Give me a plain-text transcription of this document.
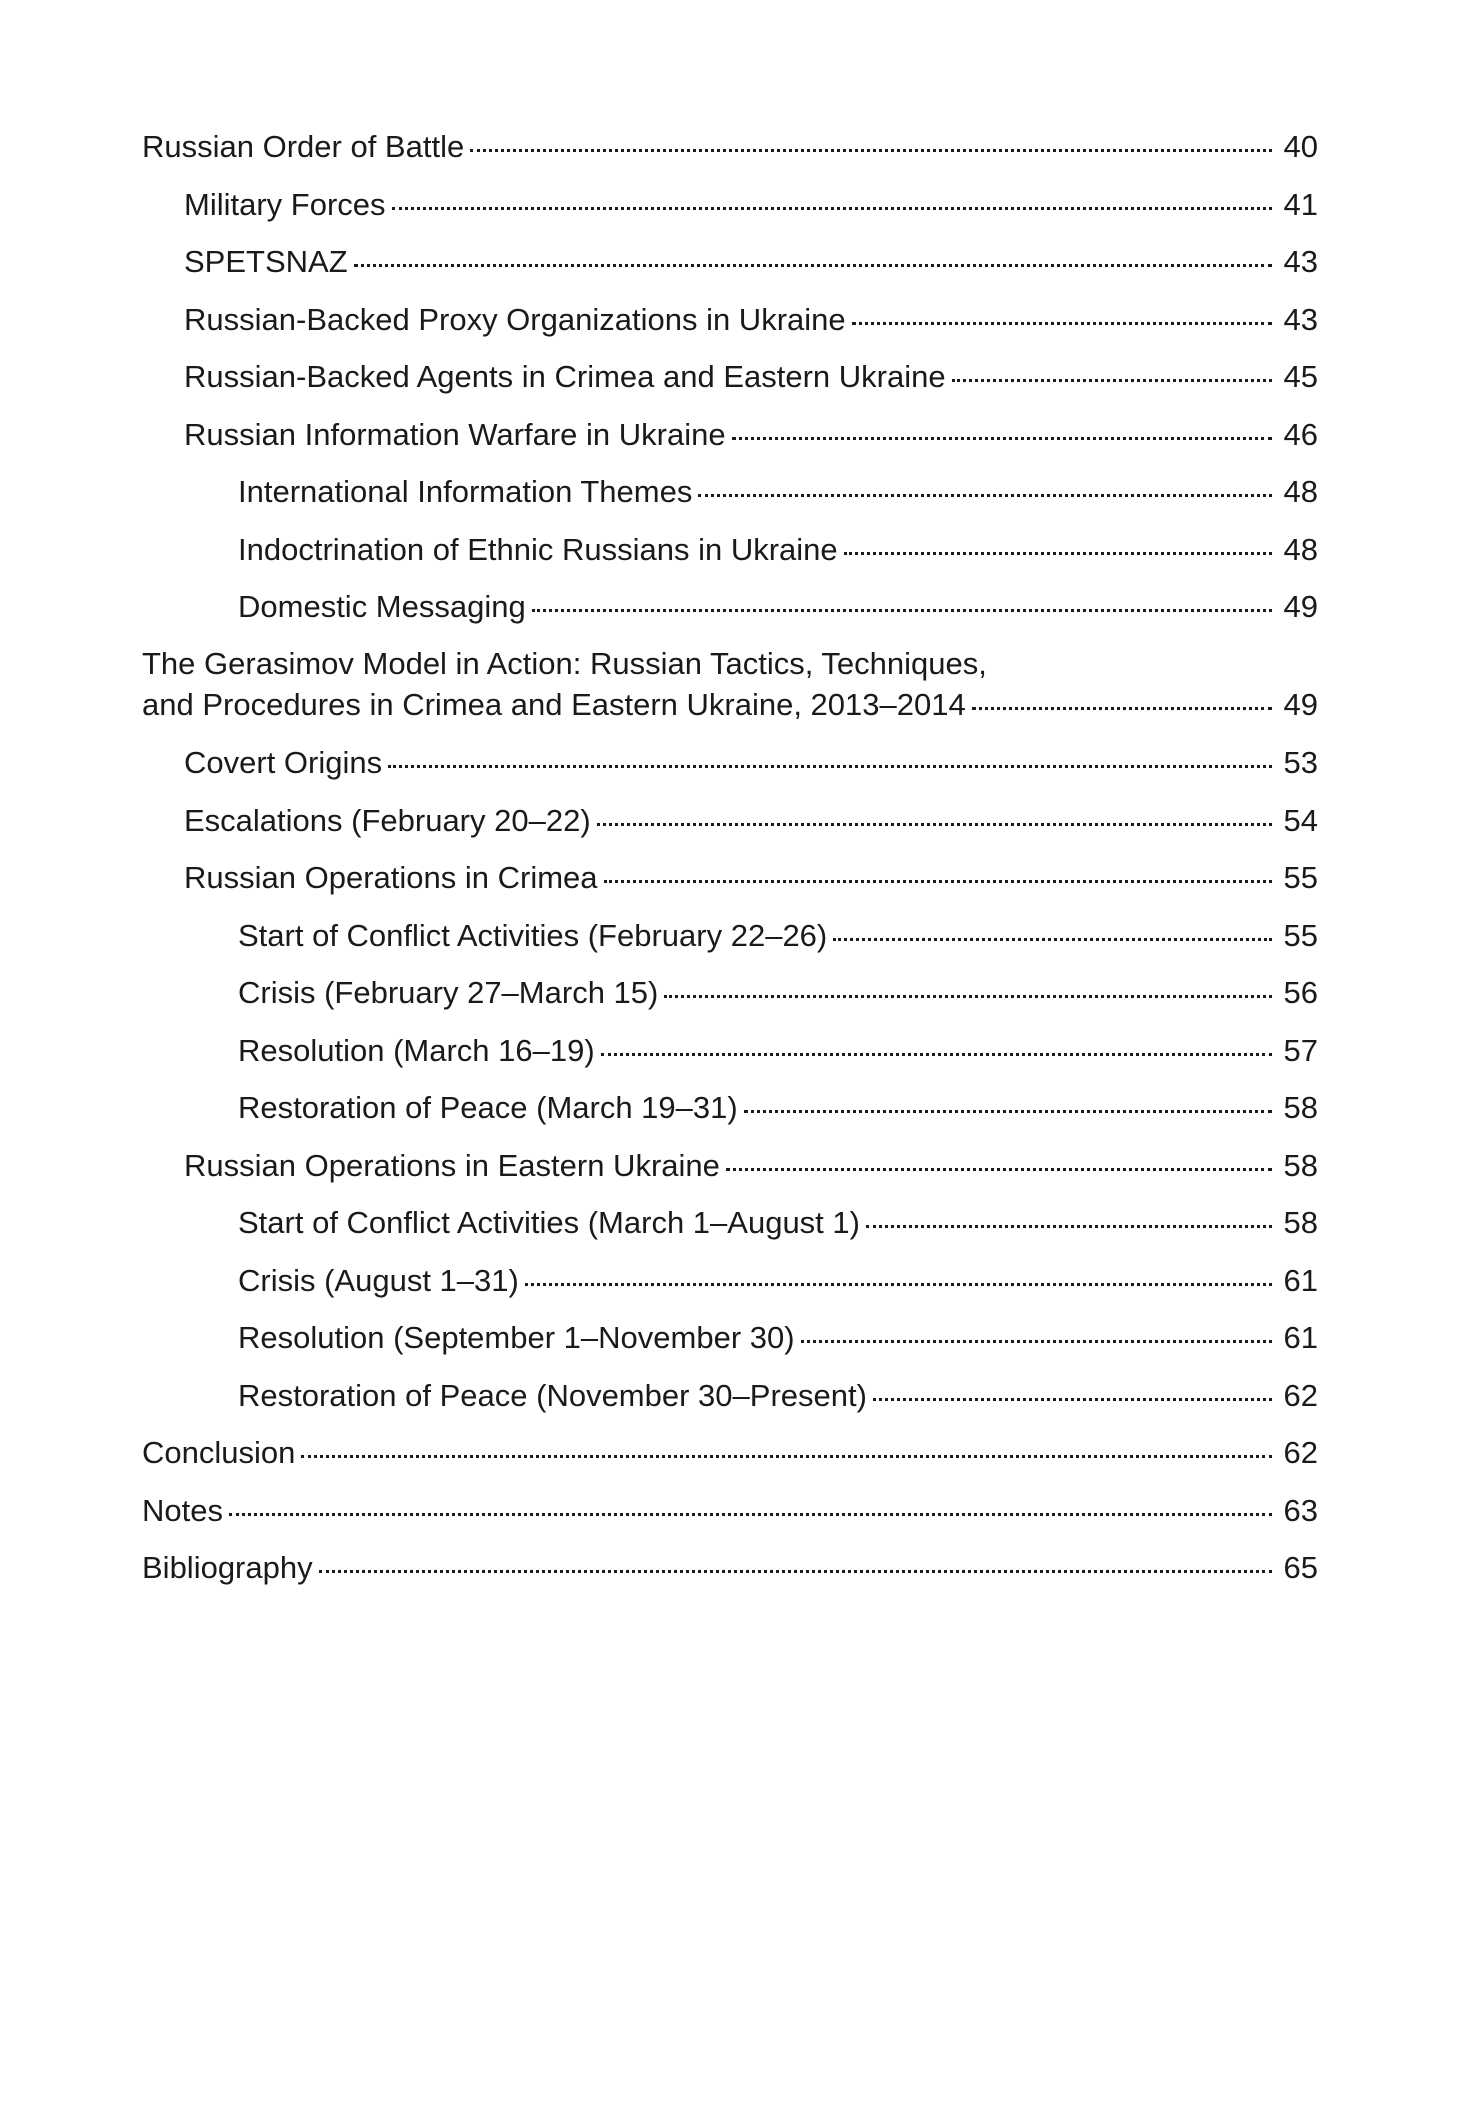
Russian Order of Battle	40
Military Forces	41
SPETSNAZ	43
Russian-Backed Proxy Organizations in Ukraine	43
Russian-Backed Agents in Crimea and Eastern Ukraine	45
Russian Information Warfare in Ukraine	46
International Information Themes	48
Indoctrination of Ethnic Russians in Ukraine	48
Domestic Messaging	49
The Gerasimov Model in Action: Russian Tactics, Techniques,
and Procedures in Crimea and Eastern Ukraine, 2013–2014	49
Covert Origins	53
Escalations (February 20–22)	54
Russian Operations in Crimea	55
Start of Conflict Activities (February 22–26)	55
Crisis (February 27–March 15)	56
Resolution (March 16–19)	57
Restoration of Peace (March 19–31)	58
Russian Operations in Eastern Ukraine	58
Start of Conflict Activities (March 1–August 1)	58
Crisis (August 1–31)	61
Resolution (September 1–November 30)	61
Restoration of Peace (November 30–Present)	62
Conclusion	62
Notes	63
Bibliography	65
